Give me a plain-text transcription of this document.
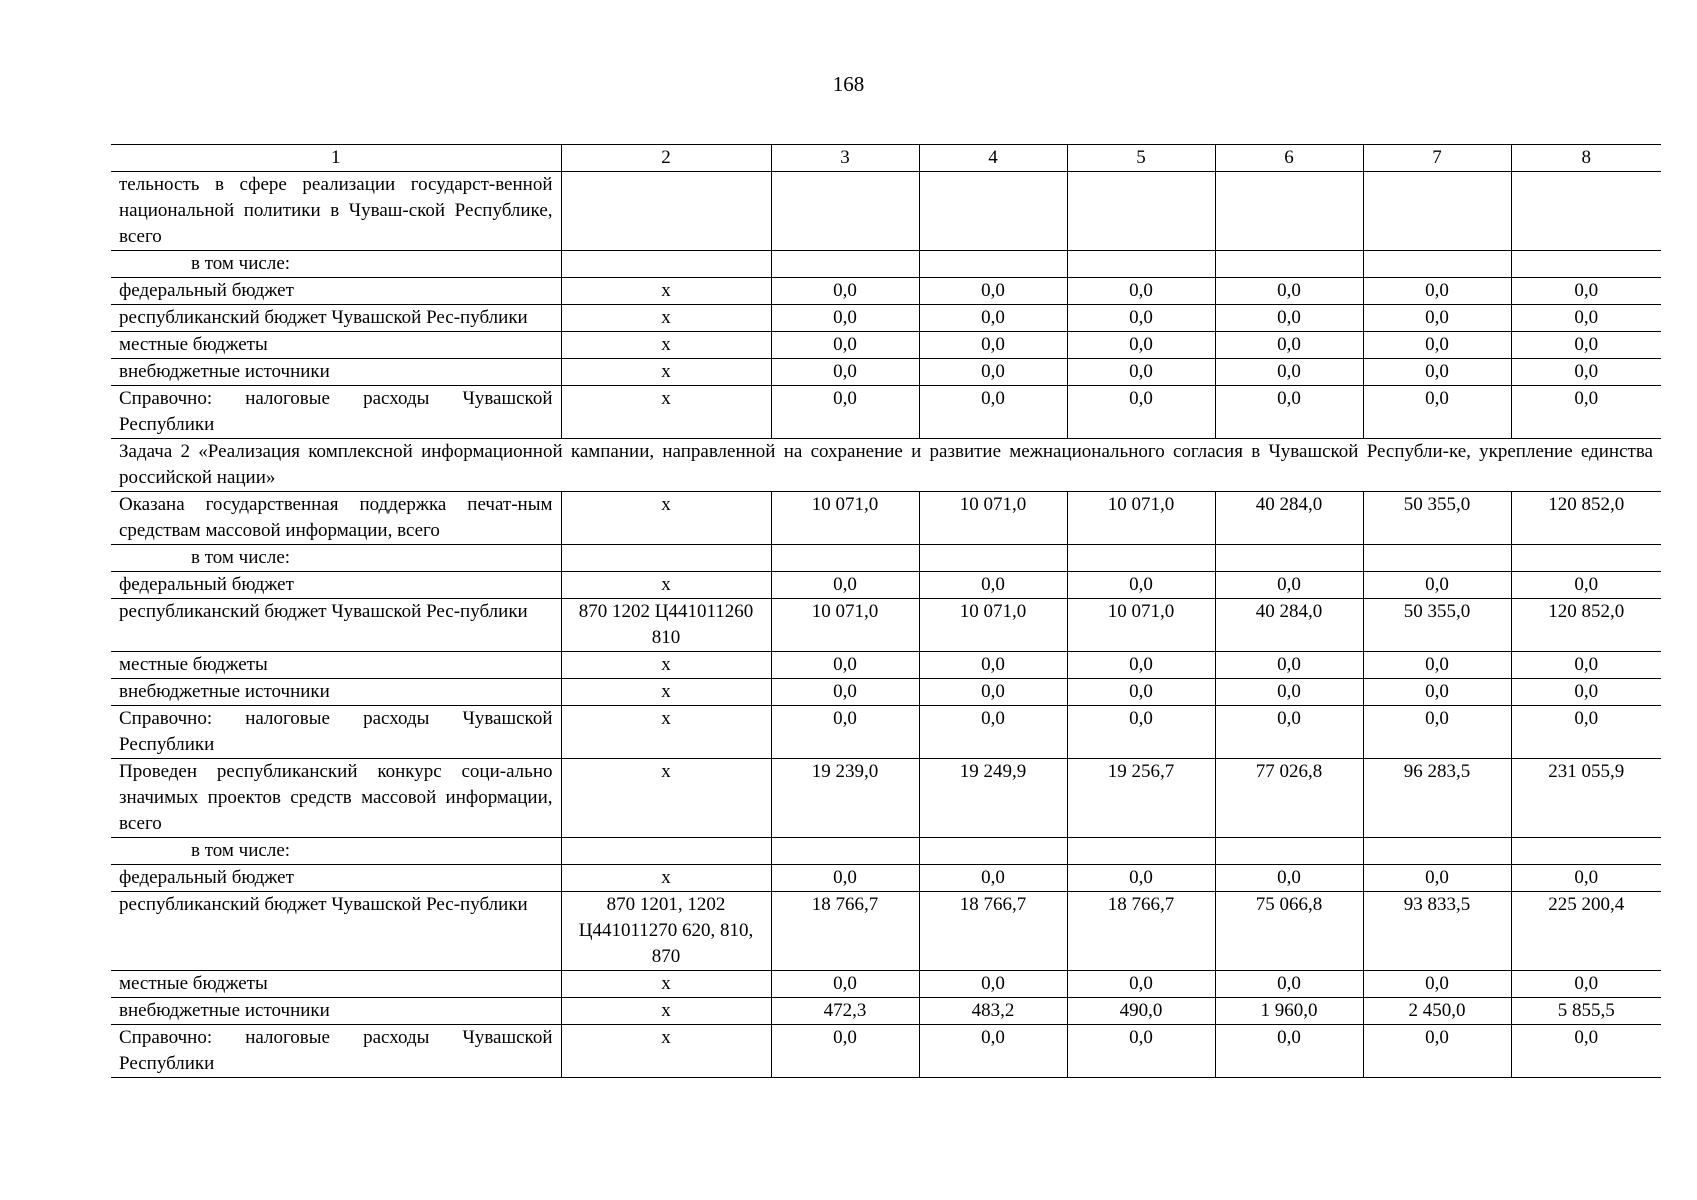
168
1	2	3	4	5	6	7	8
тельность в сфере реализации государст-венной национальной политики в Чуваш-ской Республике, всего							
в том числе:							
федеральный бюджет	х	0,0	0,0	0,0	0,0	0,0	0,0
республиканский бюджет Чувашской Рес-публики	х	0,0	0,0	0,0	0,0	0,0	0,0
местные бюджеты	х	0,0	0,0	0,0	0,0	0,0	0,0
внебюджетные источники	х	0,0	0,0	0,0	0,0	0,0	0,0
Справочно: налоговые расходы Чувашской Республики	х	0,0	0,0	0,0	0,0	0,0	0,0
Задача 2 «Реализация комплексной информационной кампании, направленной на сохранение и развитие межнационального согласия в Чувашской Республи-ке, укрепление единства российской нации»							
Оказана государственная поддержка печат-ным средствам массовой информации, всего	х	10 071,0	10 071,0	10 071,0	40 284,0	50 355,0	120 852,0
в том числе:							
федеральный бюджет	х	0,0	0,0	0,0	0,0	0,0	0,0
республиканский бюджет Чувашской Рес-публики	870 1202 Ц441011260 810	10 071,0	10 071,0	10 071,0	40 284,0	50 355,0	120 852,0
местные бюджеты	х	0,0	0,0	0,0	0,0	0,0	0,0
внебюджетные источники	х	0,0	0,0	0,0	0,0	0,0	0,0
Справочно: налоговые расходы Чувашской Республики	х	0,0	0,0	0,0	0,0	0,0	0,0
Проведен республиканский конкурс соци-ально значимых проектов средств массовой информации, всего	х	19 239,0	19 249,9	19 256,7	77 026,8	96 283,5	231 055,9
в том числе:							
федеральный бюджет	х	0,0	0,0	0,0	0,0	0,0	0,0
республиканский бюджет Чувашской Рес-публики	870 1201, 1202 Ц441011270 620, 810, 870	18 766,7	18 766,7	18 766,7	75 066,8	93 833,5	225 200,4
местные бюджеты	х	0,0	0,0	0,0	0,0	0,0	0,0
внебюджетные источники	х	472,3	483,2	490,0	1 960,0	2 450,0	5 855,5
Справочно: налоговые расходы Чувашской Республики	х	0,0	0,0	0,0	0,0	0,0	0,0
